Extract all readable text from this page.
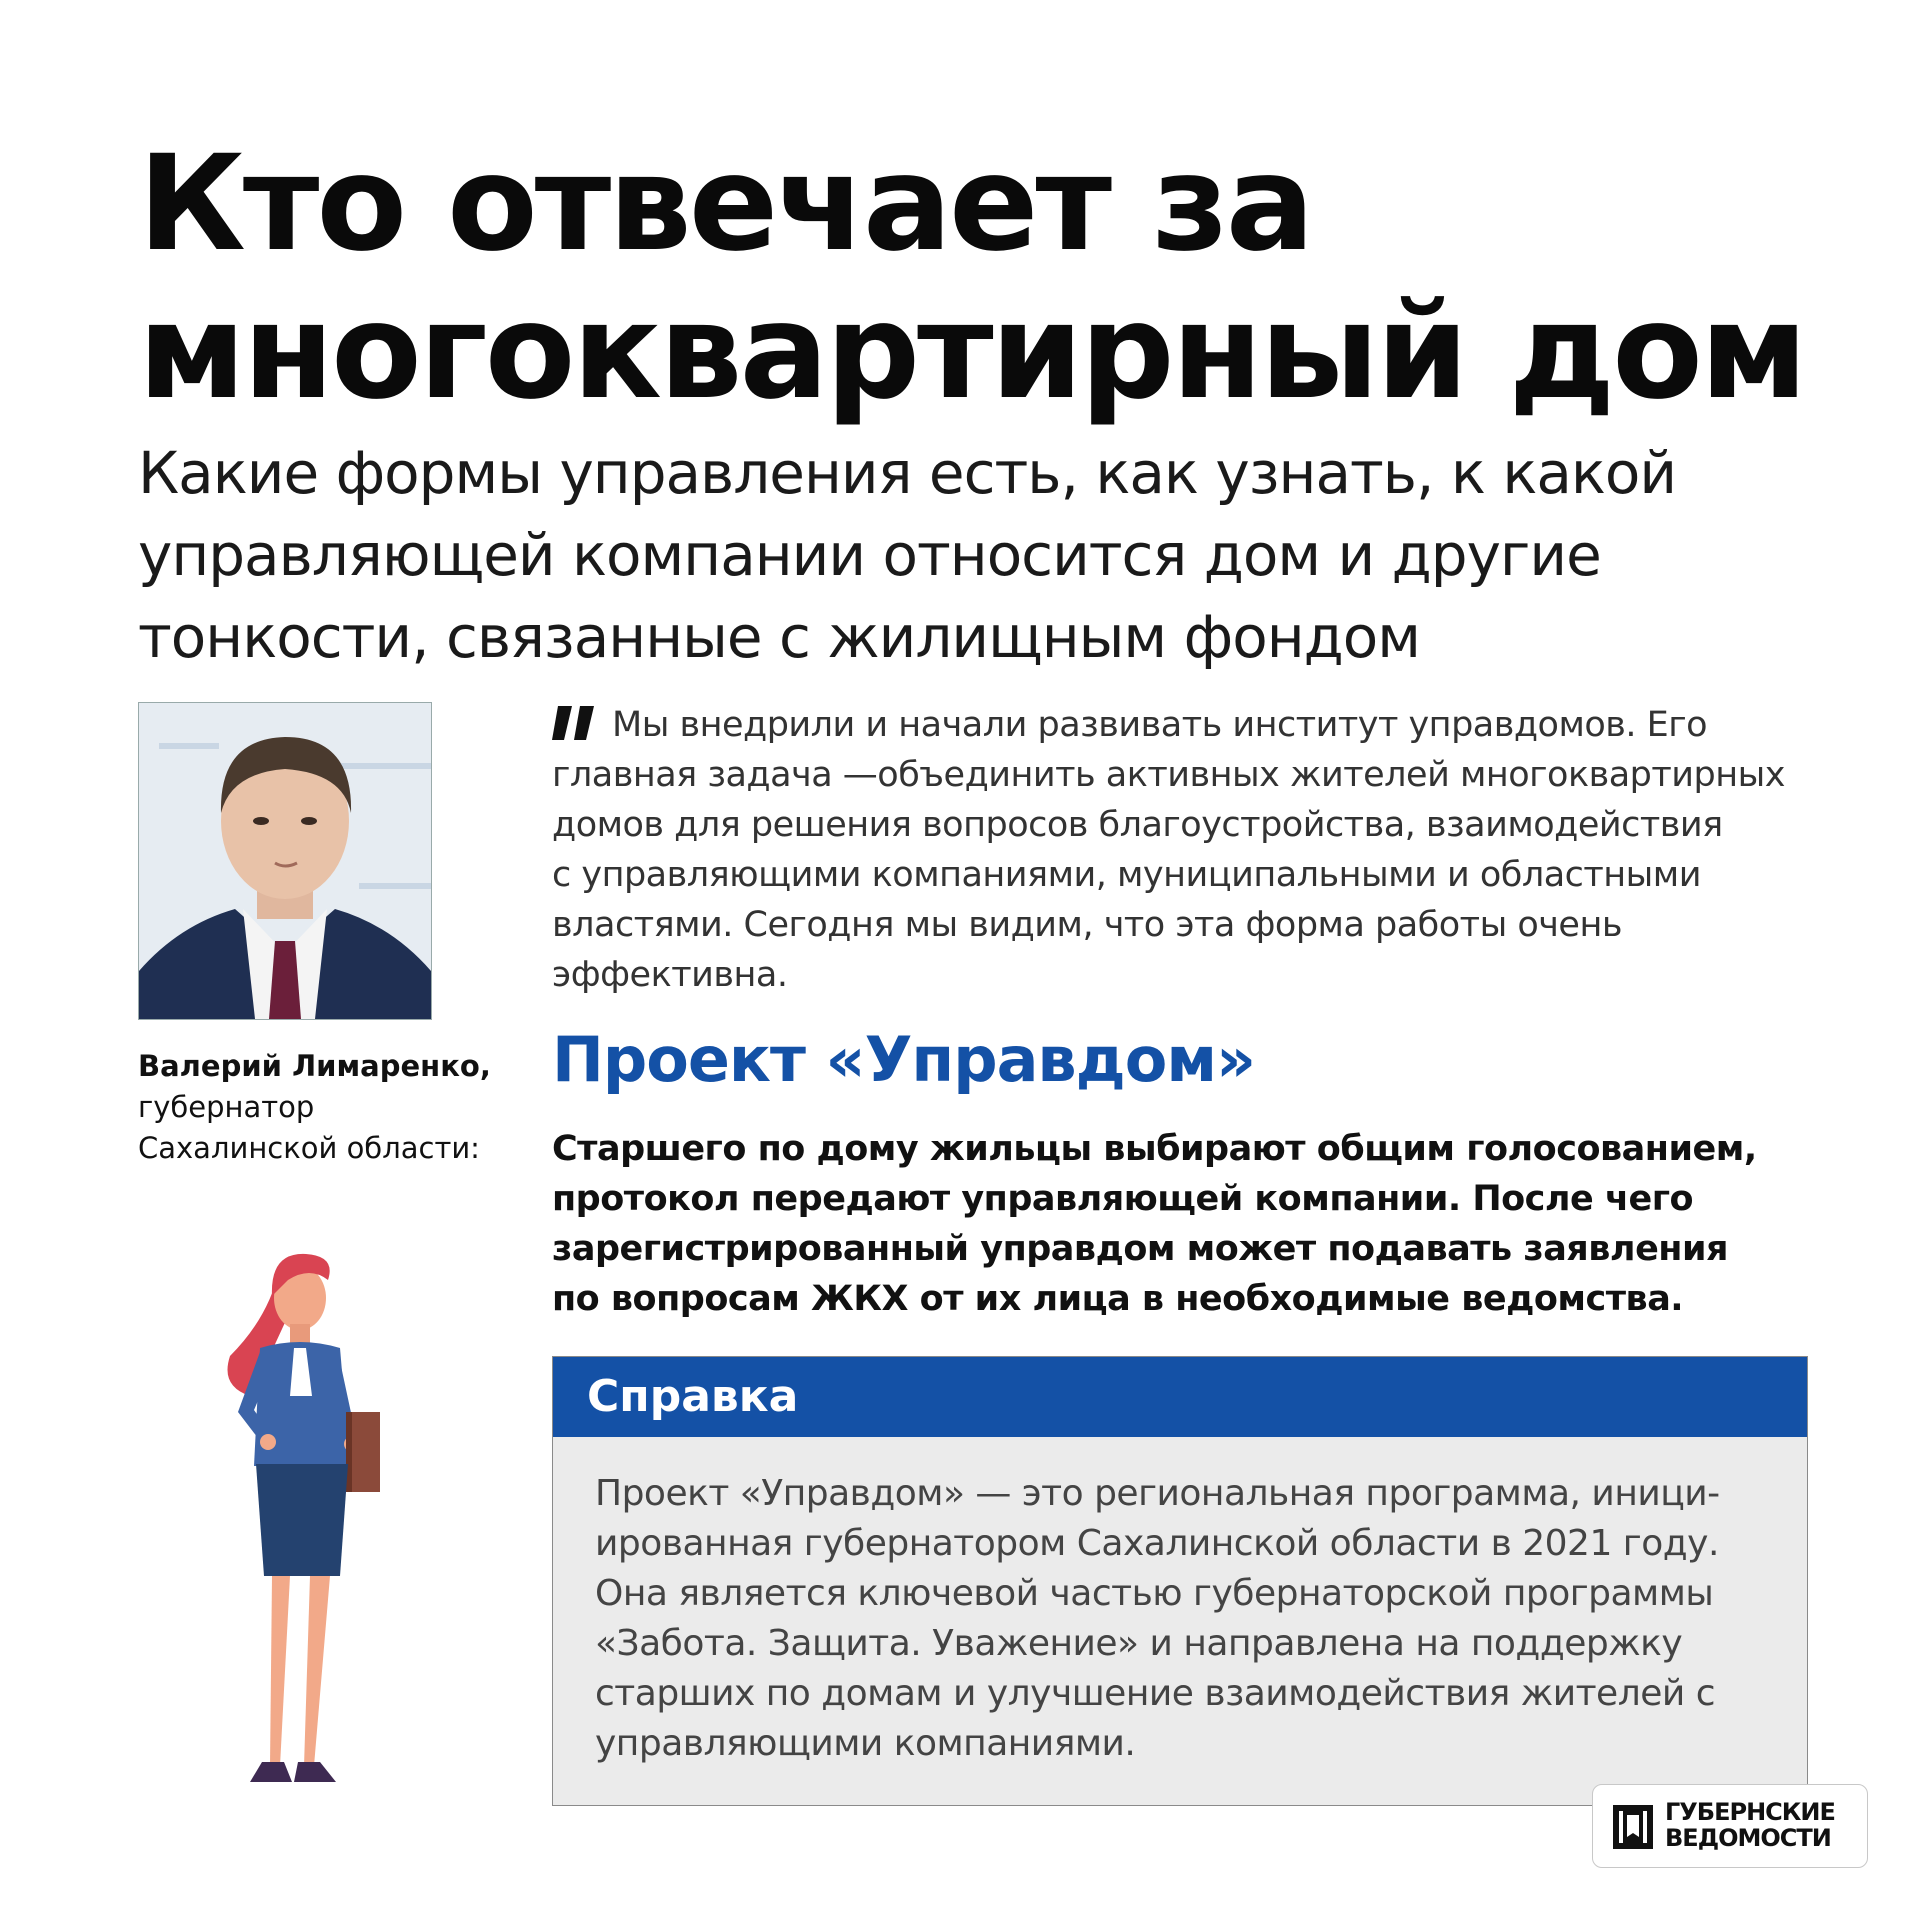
Кто отвечает за
многоквартирный дом
Какие формы управления есть, как узнать, к какой
управляющей компании относится дом и другие
тонкости, связанные с жилищным фондом
Валерий Лимаренко,
губернатор
Сахалинской области:
Мы внедрили и начали развивать институт управдомов. Его
главная задача —объединить активных жителей многоквартирных
домов для решения вопросов благоустройства, взаимодействия
с управляющими компаниями, муниципальными и областными
властями. Сегодня мы видим, что эта форма работы очень
эффективна.
Проект «Управдом»
Старшего по дому жильцы выбирают общим голосованием,
протокол передают управляющей компании. После чего
зарегистрированный управдом может подавать заявления
по вопросам ЖКХ от их лица в необходимые ведомства.
Справка
Проект «Управдом» — это региональная программа, иници-
ированная губернатором Сахалинской области в 2021 году.
Она является ключевой частью губернаторской программы
«Забота. Защита. Уважение» и направлена на поддержку
старших по домам и улучшение взаимодействия жителей с
управляющими компаниями.
ГУБЕРНСКИЕ
ВЕДОМОСТИ
